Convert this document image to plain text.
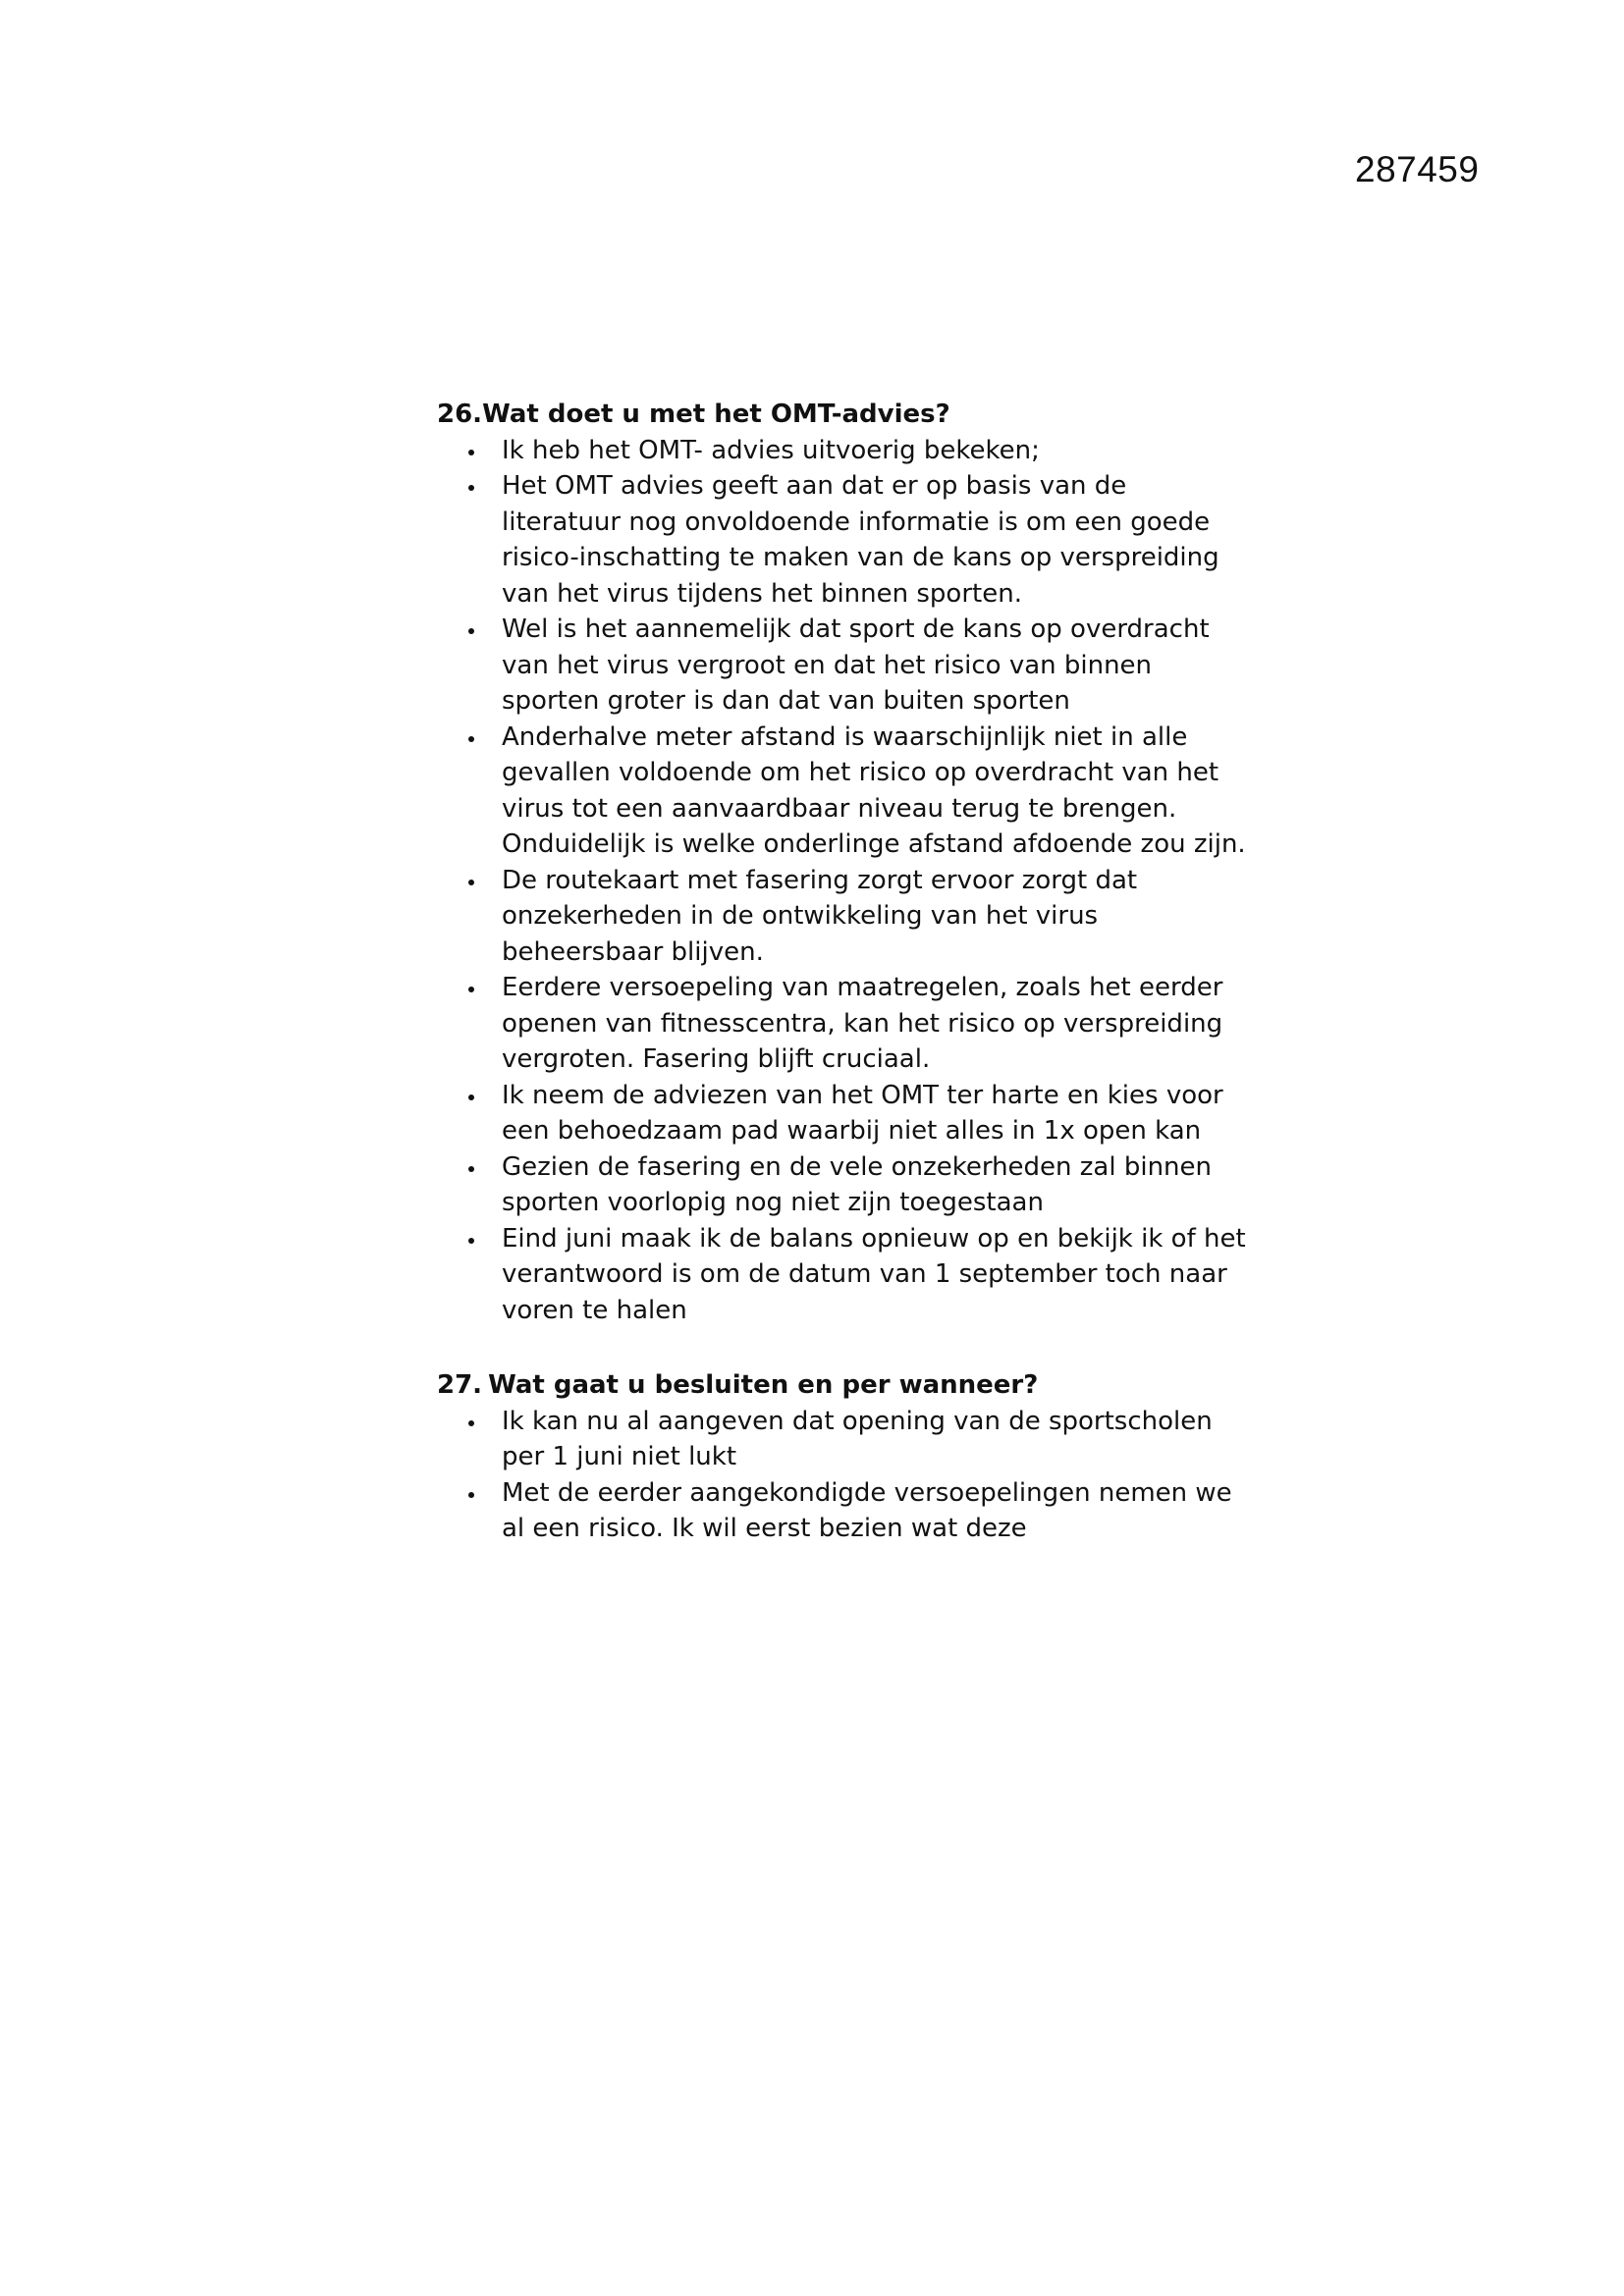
287459
26.Wat doet u met het OMT-advies?
Ik heb het OMT- advies uitvoerig bekeken;
Het OMT advies geeft aan dat er op basis van de literatuur nog onvoldoende informatie is om een goede risico-inschatting te maken van de kans op verspreiding van het virus tijdens het binnen sporten.
Wel is het aannemelijk dat sport de kans op overdracht van het virus vergroot en dat het risico van binnen sporten groter is dan dat van buiten sporten
Anderhalve meter afstand is waarschijnlijk niet in alle gevallen voldoende om het risico op overdracht van het virus tot een aanvaardbaar niveau terug te brengen. Onduidelijk is welke onderlinge afstand afdoende zou zijn.
De routekaart met fasering zorgt ervoor zorgt dat onzekerheden in de ontwikkeling van het virus beheersbaar blijven.
Eerdere versoepeling van maatregelen, zoals het eerder openen van fitnesscentra, kan het risico op verspreiding vergroten. Fasering blijft cruciaal.
Ik neem de adviezen van het OMT ter harte en kies voor een behoedzaam pad waarbij niet alles in 1x open kan
Gezien de fasering en de vele onzekerheden zal binnen sporten voorlopig nog niet zijn toegestaan
Eind juni maak ik de balans opnieuw op en bekijk ik of het verantwoord is om de datum van 1 september toch naar voren te halen
27. Wat gaat u besluiten en per wanneer?
Ik kan nu al aangeven dat opening van de sportscholen per 1 juni niet lukt
Met de eerder aangekondigde versoepelingen nemen we al een risico. Ik wil eerst bezien wat deze
